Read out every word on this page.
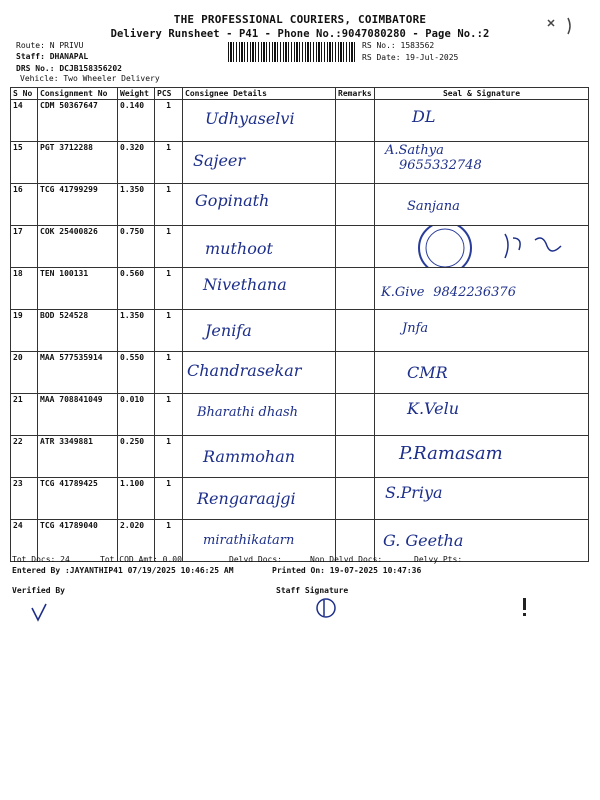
THE PROFESSIONAL COURIERS, COIMBATORE
Delivery Runsheet - P41 - Phone No.:9047080280 - Page No.:2
Route: N PRIVU
Staff: DHANAPAL
DRS No.: DCJB158356202
Vehicle: Two Wheeler Delivery
RS No.: 1583562
RS Date: 19-Jul-2025
S No	Consignment No	Weight	PCS	Consignee Details	Remarks	Seal & Signature
14	CDM 50367647	0.140	1	Udhyaselvi		DL

15	PGT 3712288	0.320	1	Sajeer		A.Sathya
9655332748

16	TCG 41799299	1.350	1	Gopinath		Sanjana

17	COK 25400826	0.750	1	muthoot

18	TEN 100131	0.560	1	Nivethana		K.Give 9842236376
19	BOD 524528	1.350	1	Jenifa		Jnfa

20	MAA 577535914	0.550	1	Chandrasekar		CMR

21	MAA 708841049	0.010	1	Bharathi dhash		K.Velu

22	ATR 3349881	0.250	1	Rammohan		P.Ramasam

23	TCG 41789425	1.100	1	Rengaraajgi		S.Priya

24	TCG 41789040	2.020	1	mirathikatarn		G. Geetha
Tot Docs: 24	Tot COD Amt: 0.00	Delvd Docs:	Non Delvd Docs:	Delvy Pts:
Entered By :JAYANTHIP41 07/19/2025 10:46:25 AM	Printed On: 19-07-2025 10:47:36
Verified By	Staff Signature
